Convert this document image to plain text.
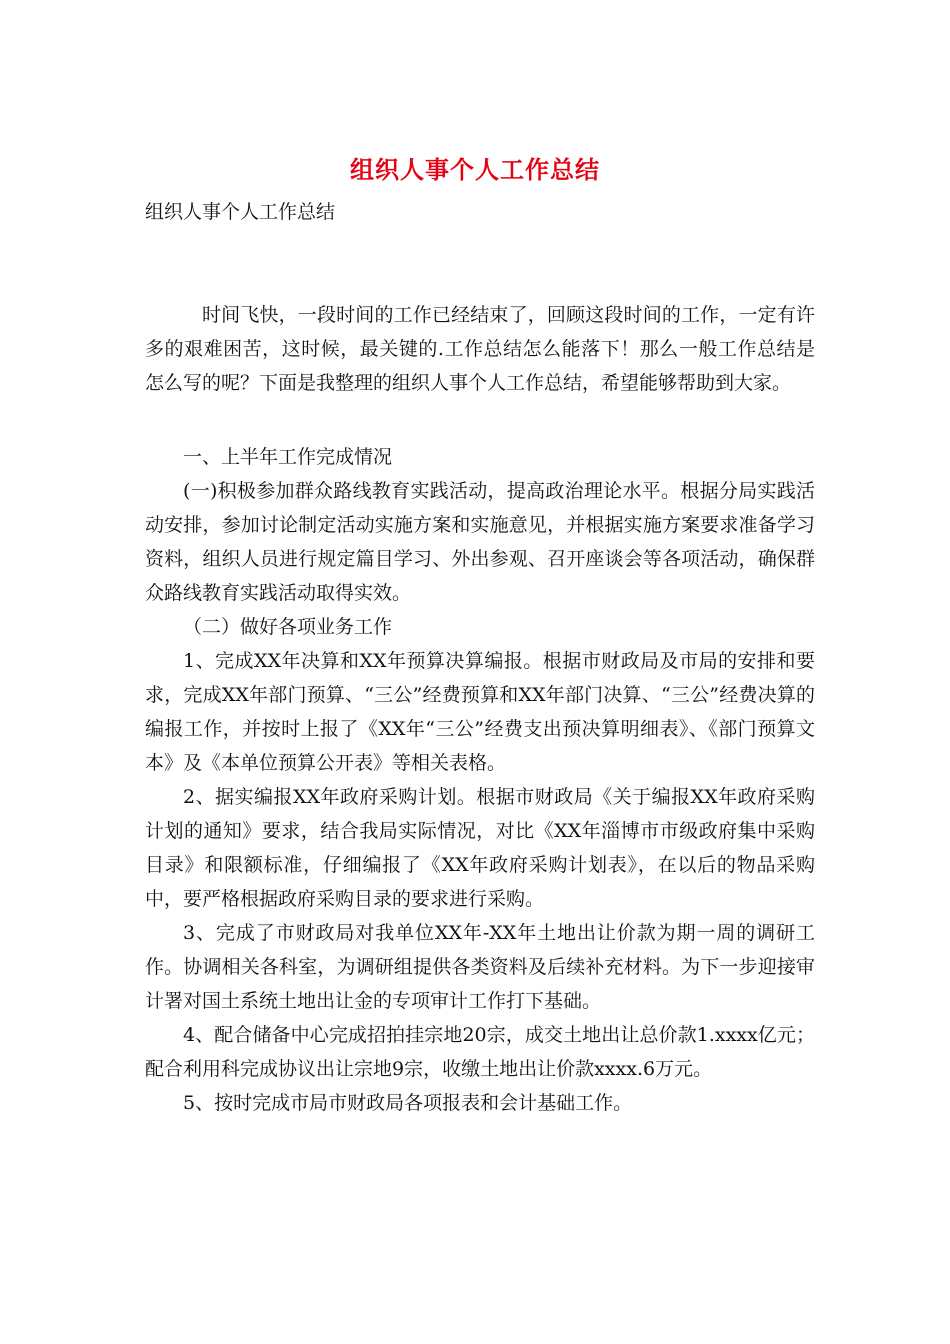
组织人事个人工作总结
组织人事个人工作总结

时间飞快，一段时间的工作已经结束了，回顾这段时间的工作，一定有许多的艰难困苦，这时候，最关键的.工作总结怎么能落下！那么一般工作总结是怎么写的呢？下面是我整理的组织人事个人工作总结，希望能够帮助到大家。

一、上半年工作完成情况

(一)积极参加群众路线教育实践活动，提高政治理论水平。根据分局实践活动安排，参加讨论制定活动实施方案和实施意见，并根据实施方案要求准备学习资料，组织人员进行规定篇目学习、外出参观、召开座谈会等各项活动，确保群众路线教育实践活动取得实效。

（二）做好各项业务工作

1、完成XX年决算和XX年预算决算编报。根据市财政局及市局的安排和要求，完成XX年部门预算、“三公”经费预算和XX年部门决算、“三公”经费决算的编报工作，并按时上报了《XX年“三公”经费支出预决算明细表》、《部门预算文本》及《本单位预算公开表》等相关表格。

2、据实编报XX年政府采购计划。根据市财政局《关于编报XX年政府采购计划的通知》要求，结合我局实际情况，对比《XX年淄博市市级政府集中采购目录》和限额标准，仔细编报了《XX年政府采购计划表》，在以后的物品采购中，要严格根据政府采购目录的要求进行采购。

3、完成了市财政局对我单位XX年-XX年土地出让价款为期一周的调研工作。协调相关各科室，为调研组提供各类资料及后续补充材料。为下一步迎接审计署对国土系统土地出让金的专项审计工作打下基础。

4、配合储备中心完成招拍挂宗地20宗，成交土地出让总价款1.xxxx亿元；配合利用科完成协议出让宗地9宗，收缴土地出让价款xxxx.6万元。

5、按时完成市局市财政局各项报表和会计基础工作。
